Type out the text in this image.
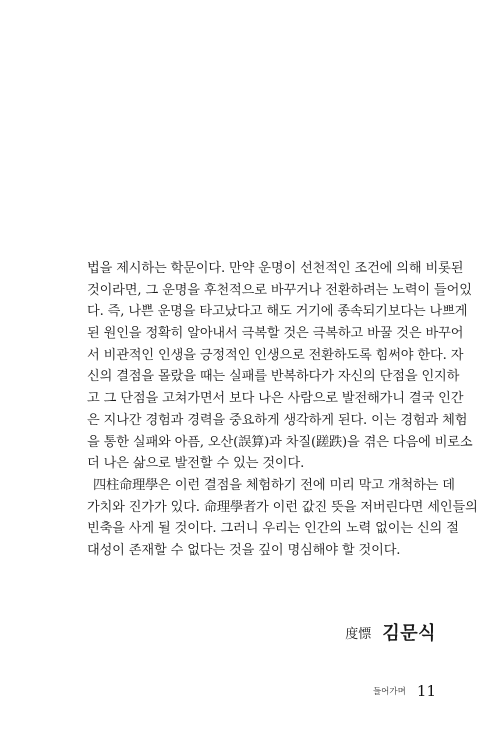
법을 제시하는 학문이다. 만약 운명이 선천적인 조건에 의해 비롯된
것이라면, 그 운명을 후천적으로 바꾸거나 전환하려는 노력이 들어있
다. 즉, 나쁜 운명을 타고났다고 해도 거기에 종속되기보다는 나쁘게
된 원인을 정확히 알아내서 극복할 것은 극복하고 바꿀 것은 바꾸어
서 비관적인 인생을 긍정적인 인생으로 전환하도록 힘써야 한다. 자
신의 결점을 몰랐을 때는 실패를 반복하다가 자신의 단점을 인지하
고 그 단점을 고쳐가면서 보다 나은 사람으로 발전해가니 결국 인간
은 지나간 경험과 경력을 중요하게 생각하게 된다. 이는 경험과 체험
을 통한 실패와 아픔, 오산(誤算)과 차질(蹉跌)을 겪은 다음에 비로소
더 나은 삶으로 발전할 수 있는 것이다.
四柱命理學은 이런 결점을 체험하기 전에 미리 막고 개척하는 데
가치와 진가가 있다. 命理學者가 이런 값진 뜻을 저버린다면 세인들의
빈축을 사게 될 것이다. 그러니 우리는 인간의 노력 없이는 신의 절
대성이 존재할 수 없다는 것을 깊이 명심해야 할 것이다.
度慓 김문식
들어가며 11
